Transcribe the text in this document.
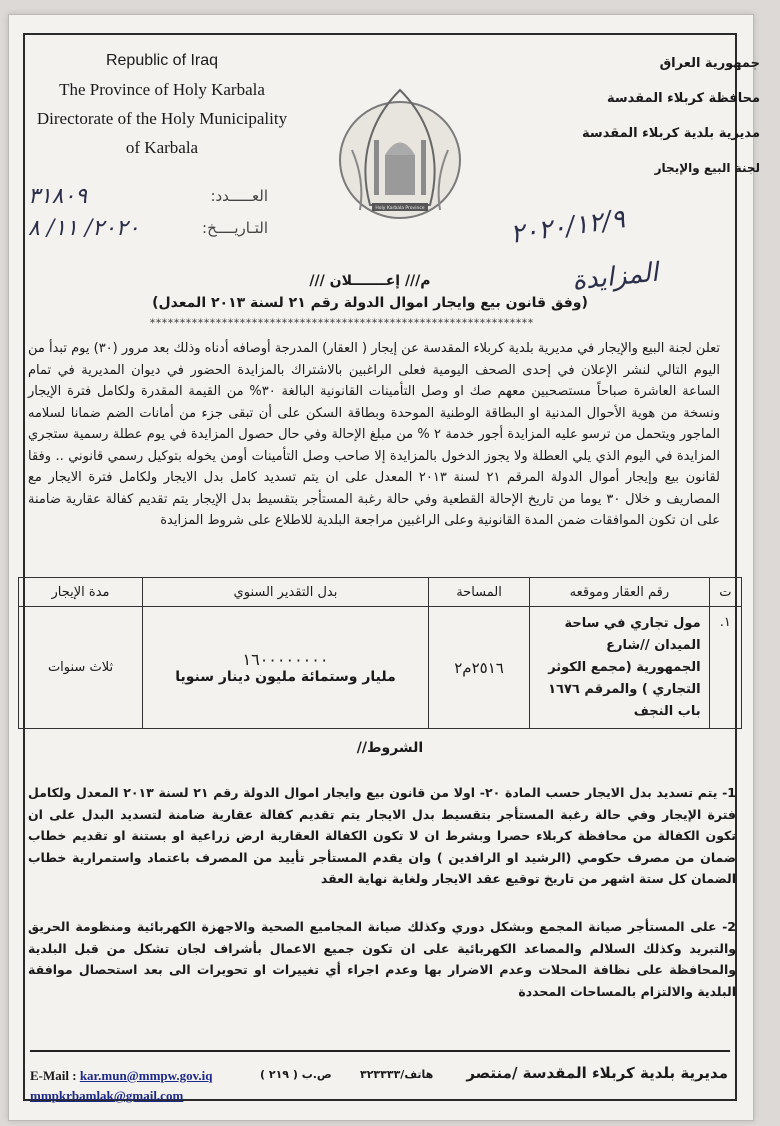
Republic of Iraq
The Province of Holy Karbala
Directorate of the Holy Municipality
of Karbala
جمهورية العراق
محافظة كربلاء المقدسة
مديرية بلدية كربلاء المقدسة
لجنة البيع والإيجار
Holy Karbala Province
العـــــدد:
٣١٨٠٩
التـاريــــخ:
٢٠٢٠/ ١١/ ٨	٢٠٢٠/١٢/٩
المزايدة
م/// إعـــــــلان ///
(وفق قانون بيع وايجار اموال الدولة رقم ٢١ لسنة ٢٠١٣ المعدل)
****************************************************************
تعلن لجنة البيع والإيجار في مديرية بلدية كربلاء المقدسة عن إيجار ( العقار) المدرجة أوصافه أدناه وذلك بعد مرور (٣٠) يوم تبدأ من اليوم التالي لنشر الإعلان في إحدى الصحف اليومية فعلى الراغبين بالاشتراك بالمزايدة الحضور في ديوان المديرية في تمام الساعة العاشرة صباحاً مستصحبين معهم صك او وصل التأمينات القانونية البالغة ٣٠% من القيمة المقدرة ولكامل فترة الإيجار ونسخة من هوية الأحوال المدنية او البطاقة الوطنية الموحدة وبطاقة السكن على أن تبقى جزء من أمانات الضم ضمانا لسلامه الماجور ويتحمل من ترسو عليه المزايدة أجور خدمة ٢ % من مبلغ الإحالة وفي حال حصول المزايدة في يوم عطلة رسمية ستجري المزايدة في اليوم الذي يلي العطلة ولا يجوز الدخول بالمزايدة إلا صاحب وصل التأمينات أومن يخوله بتوكيل رسمي قانوني .. وفقا لقانون بيع وإيجار أموال الدولة المرقم ٢١ لسنة ٢٠١٣ المعدل على ان يتم تسديد كامل بدل الايجار ولكامل فترة الايجار مع المصاريف و خلال ٣٠ يوما من تاريخ الإحالة القطعية وفي حالة رغبة المستأجر بتقسيط بدل الإيجار يتم تقديم كفالة عقارية ضامنة على ان تكون الموافقات ضمن المدة القانونية وعلى الراغبين مراجعة البلدية للاطلاع على شروط المزايدة
ت	رقم العقار وموقعه	المساحة	بدل التقدير السنوي	مدة الإيجار
١.	مول تجاري في ساحة الميدان //شارع الجمهورية (مجمع الكوثر التجاري ) والمرقم ١٦٧٦ باب النجف	٢٥١٦م٢	١٦٠٠٠٠٠٠٠٠
مليار وستمائة مليون دينار سنويا	ثلاث سنوات
الشروط//
1- يتم تسديد بدل الايجار حسب المادة ٢٠- اولا من قانون بيع وايجار اموال الدولة رقم ٢١ لسنة ٢٠١٣ المعدل ولكامل فترة الإيجار وفي حالة رغبة المستأجر بتقسيط بدل الايجار يتم تقديم كفالة عقارية ضامنة لتسديد البدل على ان تكون الكفالة من محافظة كربلاء حصرا وبشرط ان لا تكون الكفالة العقارية ارض زراعية او بستنة او تقديم خطاب ضمان من مصرف حكومي (الرشيد او الرافدين ) وان يقدم المستأجر تأييد من المصرف باعتماد واستمرارية خطاب الضمان كل ستة اشهر من تاريخ توقيع عقد الايجار ولغاية نهاية العقد
2- على المستأجر صيانة المجمع وبشكل دوري وكذلك صيانة المجاميع الصحية والاجهزة الكهربائية ومنظومة الحريق والتبريد وكذلك السلالم والمصاعد الكهربائية على ان تكون جميع الاعمال بأشراف لجان تشكل من قبل البلدية والمحافظة على نظافة المحلات وعدم الاضرار بها وعدم اجراء أي تغييرات او تحويرات الى بعد استحصال موافقة البلدية والالتزام بالمساحات المحددة
E-Mail : kar.mun@mmpw.gov.iq
mmpkrbamlak@gmail.com
ص.ب ( ٢١٩ )	هاتف/٣٢٣٣٣٣ مديرية بلدية كربلاء المقدسة /منتصر
